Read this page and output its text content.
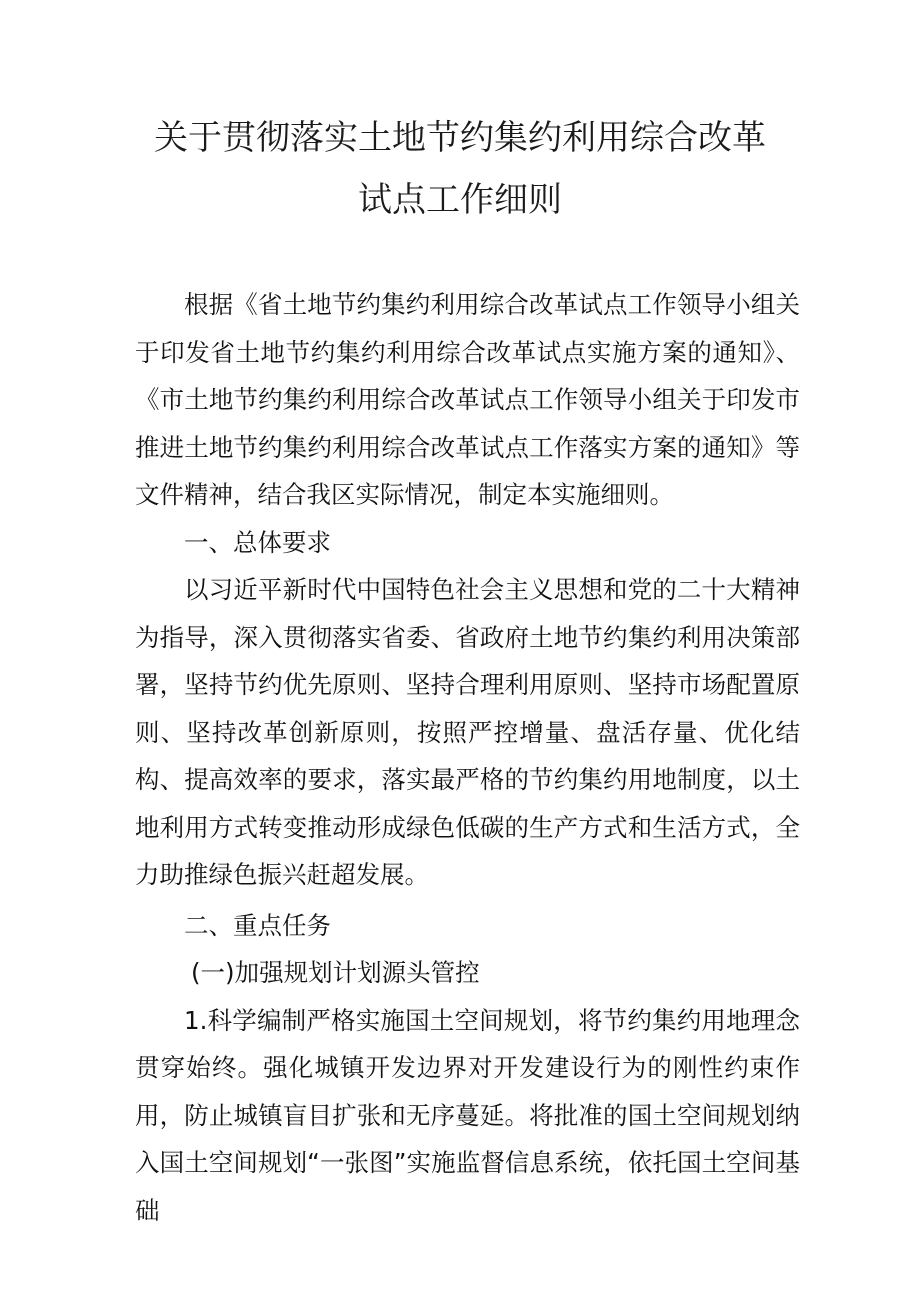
关于贯彻落实土地节约集约利用综合改革
试点工作细则

根据《省土地节约集约利用综合改革试点工作领导小组关于印发省土地节约集约利用综合改革试点实施方案的通知》、《市土地节约集约利用综合改革试点工作领导小组关于印发市推进土地节约集约利用综合改革试点工作落实方案的通知》等文件精神，结合我区实际情况，制定本实施细则。

一、总体要求

以习近平新时代中国特色社会主义思想和党的二十大精神为指导，深入贯彻落实省委、省政府土地节约集约利用决策部署，坚持节约优先原则、坚持合理利用原则、坚持市场配置原则、坚持改革创新原则，按照严控增量、盘活存量、优化结构、提高效率的要求，落实最严格的节约集约用地制度，以土地利用方式转变推动形成绿色低碳的生产方式和生活方式，全力助推绿色振兴赶超发展。

二、重点任务

(一)加强规划计划源头管控

1.科学编制严格实施国土空间规划，将节约集约用地理念贯穿始终。强化城镇开发边界对开发建设行为的刚性约束作用，防止城镇盲目扩张和无序蔓延。将批准的国土空间规划纳入国土空间规划“一张图”实施监督信息系统，依托国土空间基础
